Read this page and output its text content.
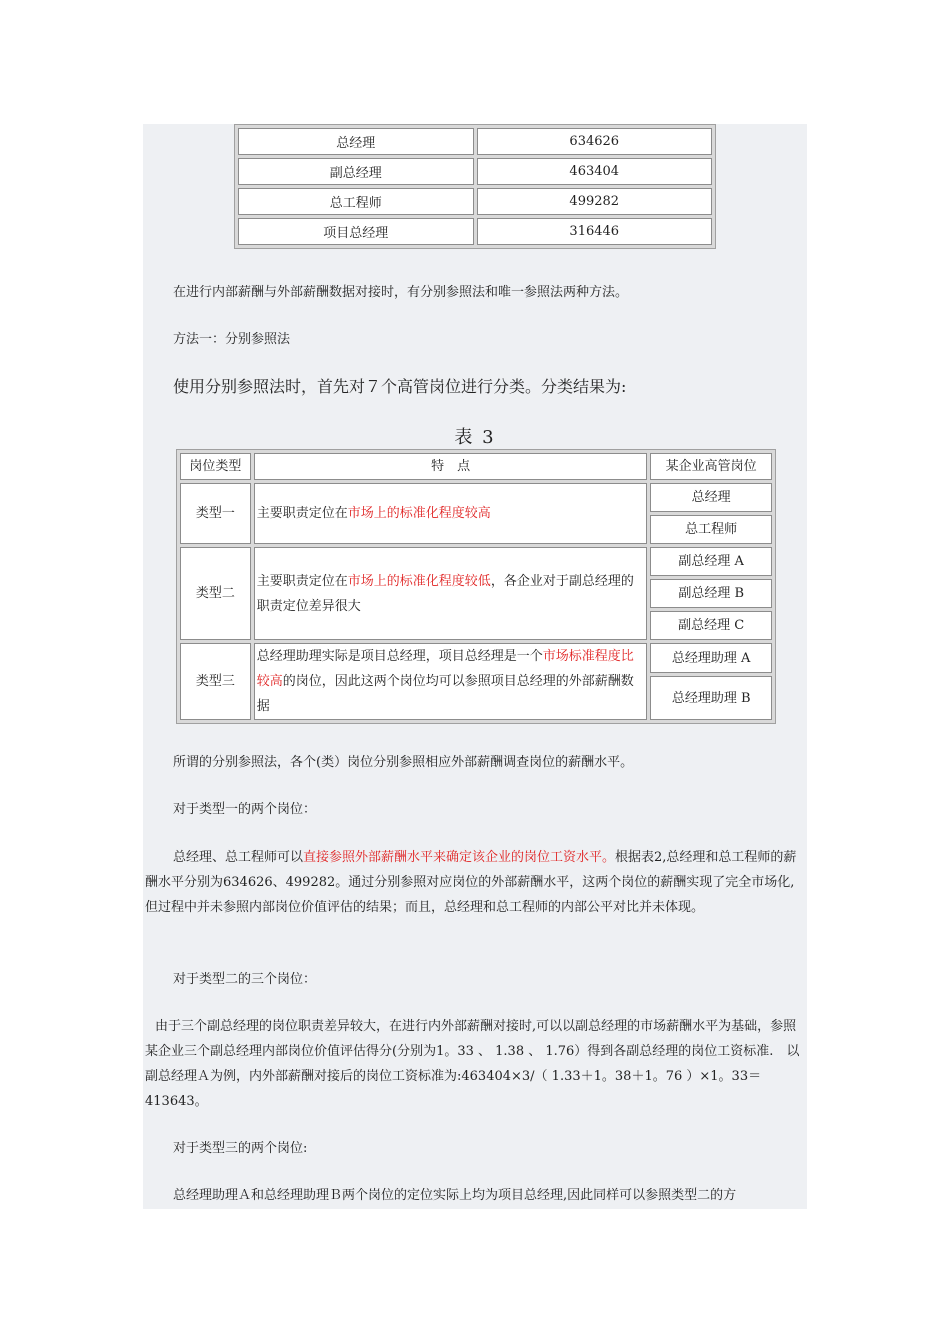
总经理	634626
副总经理	463404
总工程师	499282
项目总经理	316446

在进行内部薪酬与外部薪酬数据对接时，有分别参照法和唯一参照法两种方法。

方法一：分别参照法

使用分别参照法时，首先对７个高管岗位进行分类。分类结果为:

表 3
岗位类型	特　点	某企业高管岗位
类型一	主要职责定位在市场上的标准化程度较高	总经理
		总工程师
类型二	主要职责定位在市场上的标准化程度较低，各企业对于副总经理的职责定位差异很大	副总经理 A
		副总经理 B
		副总经理 C
类型三	总经理助理实际是项目总经理，项目总经理是一个市场标准程度比较高的岗位，因此这两个岗位均可以参照项目总经理的外部薪酬数据	总经理助理 A
		总经理助理 B

所谓的分别参照法，各个(类）岗位分别参照相应外部薪酬调查岗位的薪酬水平。

对于类型一的两个岗位：

总经理、总工程师可以直接参照外部薪酬水平来确定该企业的岗位工资水平。根据表2,总经理和总工程师的薪酬水平分别为634626、499282。通过分别参照对应岗位的外部薪酬水平，这两个岗位的薪酬实现了完全市场化,但过程中并未参照内部岗位价值评估的结果；而且，总经理和总工程师的内部公平对比并未体现。

对于类型二的三个岗位：

由于三个副总经理的岗位职责差异较大，在进行内外部薪酬对接时,可以以副总经理的市场薪酬水平为基础，参照某企业三个副总经理内部岗位价值评估得分(分别为1。33 、 1.38 、 1.76）得到各副总经理的岗位工资标准.　以副总经理Ａ为例，内外部薪酬对接后的岗位工资标准为:463404×3/（ 1.33＋1。38＋1。76 ）×1。33＝ 413643。

对于类型三的两个岗位:

总经理助理Ａ和总经理助理Ｂ两个岗位的定位实际上均为项目总经理,因此同样可以参照类型二的方
